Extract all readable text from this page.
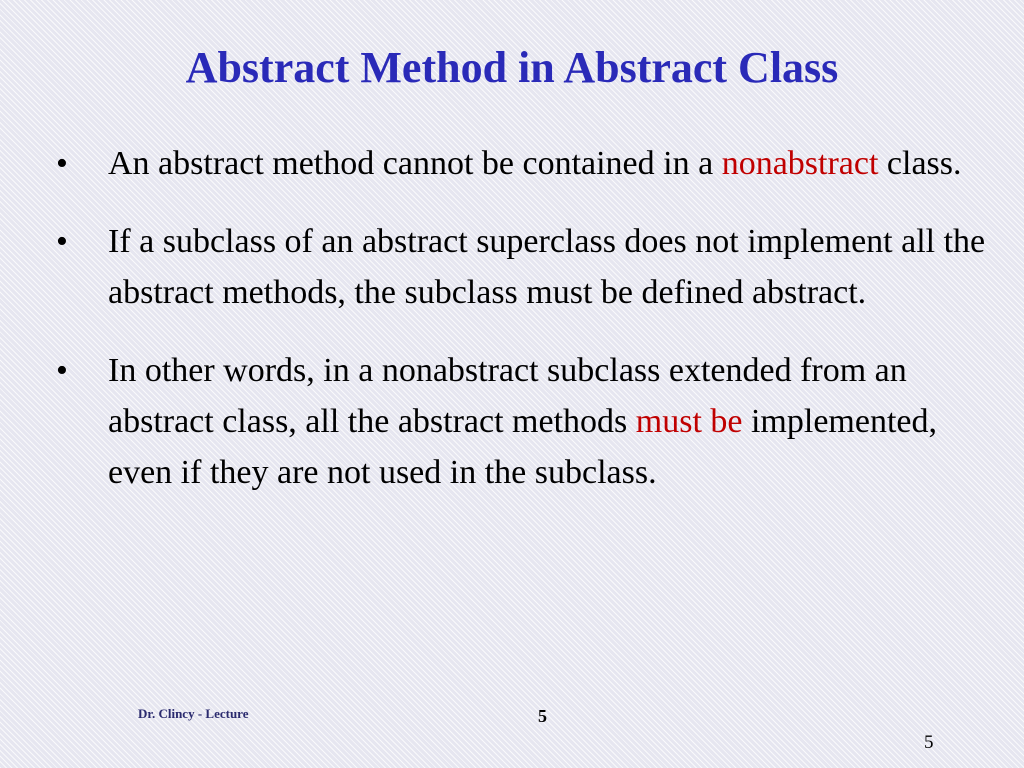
Abstract Method in Abstract Class
•	An abstract method cannot be contained in a nonabstract class.
•	If a subclass of an abstract superclass does not implement all the abstract methods, the subclass must be defined abstract.
•	In other words, in a nonabstract subclass extended from an abstract class, all the abstract methods must be implemented, even if they are not used in the subclass.
Dr. Clincy - Lecture	5
5
